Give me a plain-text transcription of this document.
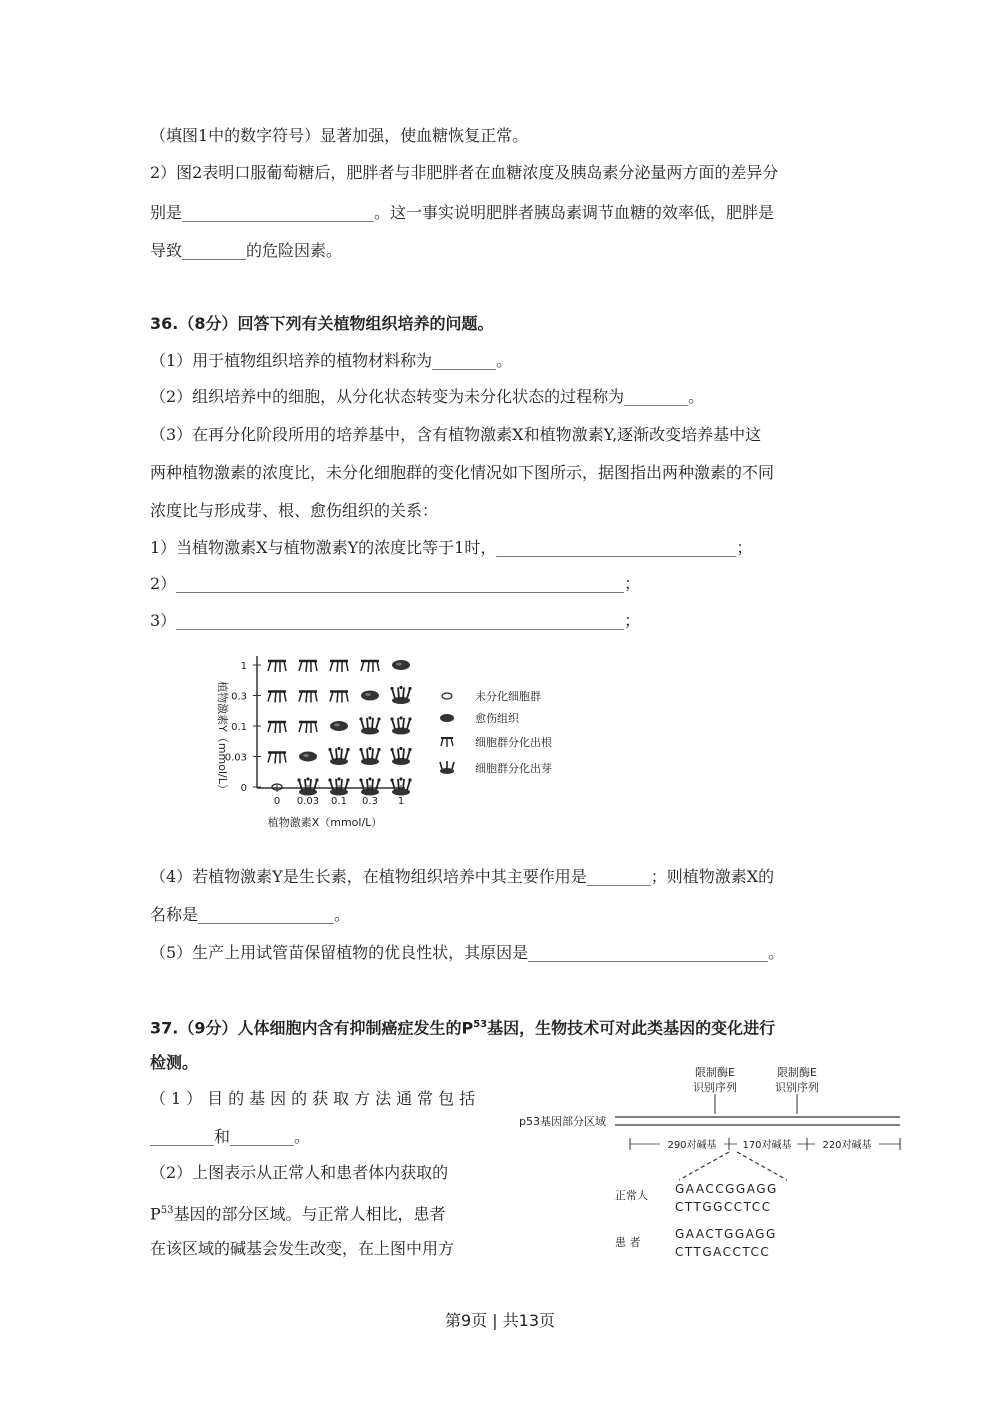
（填图1中的数字符号）显著加强，使血糖恢复正常。
2）图2表明口服葡萄糖后，肥胖者与非肥胖者在血糖浓度及胰岛素分泌量两方面的差异分
别是________________________。这一事实说明肥胖者胰岛素调节血糖的效率低，肥胖是
导致________的危险因素。
36.（8分）回答下列有关植物组织培养的问题。
（1）用于植物组织培养的植物材料称为________。
（2）组织培养中的细胞，从分化状态转变为未分化状态的过程称为________。
（3）在再分化阶段所用的培养基中，含有植物激素X和植物激素Y,逐渐改变培养基中这
两种植物激素的浓度比，未分化细胞群的变化情况如下图所示，据图指出两种激素的不同
浓度比与形成芽、根、愈伤组织的关系：
1）当植物激素X与植物激素Y的浓度比等于1时，______________________________；
2）________________________________________________________；
3）________________________________________________________；
植物激素Y（mmol/L）
1
0.3
0.1
0.03
0
0 0.03 0.1 0.3 1
植物激素X（mmol/L）
未分化细胞群
愈伤组织
细胞群分化出根
细胞群分化出芽
（4）若植物激素Y是生长素，在植物组织培养中其主要作用是________；则植物激素X的
名称是_________________。
（5）生产上用试管苗保留植物的优良性状，其原因是______________________________。
37.（9分）人体细胞内含有抑制癌症发生的$P^{53}$基因，生物技术可对此类基因的变化进行
检测。
（1）目的基因的获取方法通常包括
________和________。
（2）上图表示从正常人和患者体内获取的
$P^{53}$基因的部分区域。与正常人相比，患者
在该区域的碱基会发生改变，在上图中用方
限制酶E
识别序列
限制酶E
识别序列
p53基因部分区域
290对碱基	170对碱基	220对碱基
正常人 GAACCGGAGG
CTTGGCCTCC
患 者
GAACTGGAGG
CTTGACCTCC
第9页 | 共13页
